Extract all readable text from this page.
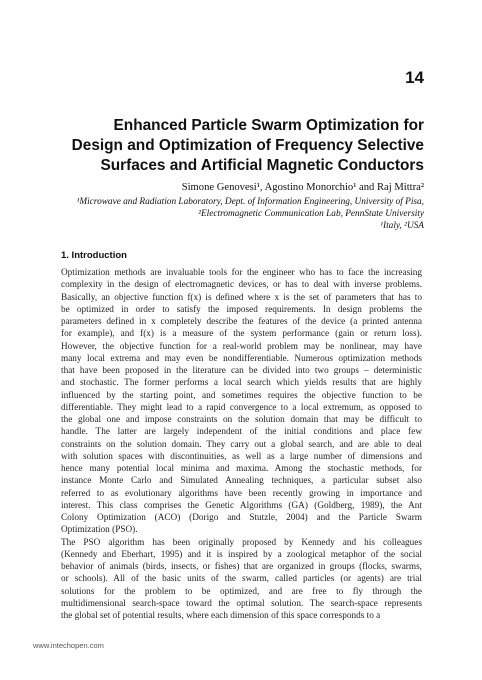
14
Enhanced Particle Swarm Optimization for
Design and Optimization of Frequency Selective
Surfaces and Artificial Magnetic Conductors
Simone Genovesi¹, Agostino Monorchio¹ and Raj Mittra²
¹Microwave and Radiation Laboratory, Dept. of Information Engineering, University of Pisa,
²Electromagnetic Communication Lab, PennState University
¹Italy, ²USA
1. Introduction
Optimization methods are invaluable tools for the engineer who has to face the increasing
complexity in the design of electromagnetic devices, or has to deal with inverse problems.
Basically, an objective function f(x) is defined where x is the set of parameters that has to
be optimized in order to satisfy the imposed requirements. In design problems the
parameters defined in x completely describe the features of the device (a printed antenna
for example), and f(x) is a measure of the system performance (gain or return loss).
However, the objective function for a real-world problem may be nonlinear, may have
many local extrema and may even be nondifferentiable. Numerous optimization methods
that have been proposed in the literature can be divided into two groups – deterministic
and stochastic. The former performs a local search which yields results that are highly
influenced by the starting point, and sometimes requires the objective function to be
differentiable. They might lead to a rapid convergence to a local extremum, as opposed to
the global one and impose constraints on the solution domain that may be difficult to
handle. The latter are largely independent of the initial conditions and place few
constraints on the solution domain. They carry out a global search, and are able to deal
with solution spaces with discontinuities, as well as a large number of dimensions and
hence many potential local minima and maxima. Among the stochastic methods, for
instance Monte Carlo and Simulated Annealing techniques, a particular subset also
referred to as evolutionary algorithms have been recently growing in importance and
interest. This class comprises the Genetic Algorithms (GA) (Goldberg, 1989), the Ant
Colony Optimization (ACO) (Dorigo and Stutzle, 2004) and the Particle Swarm
Optimization (PSO).
The PSO algorithm has been originally proposed by Kennedy and his colleagues
(Kennedy and Eberhart, 1995) and it is inspired by a zoological metaphor of the social
behavior of animals (birds, insects, or fishes) that are organized in groups (flocks, swarms,
or schools). All of the basic units of the swarm, called particles (or agents) are trial
solutions for the problem to be optimized, and are free to fly through the
multidimensional search-space toward the optimal solution. The search-space represents
the global set of potential results, where each dimension of this space corresponds to a
www.intechopen.com
